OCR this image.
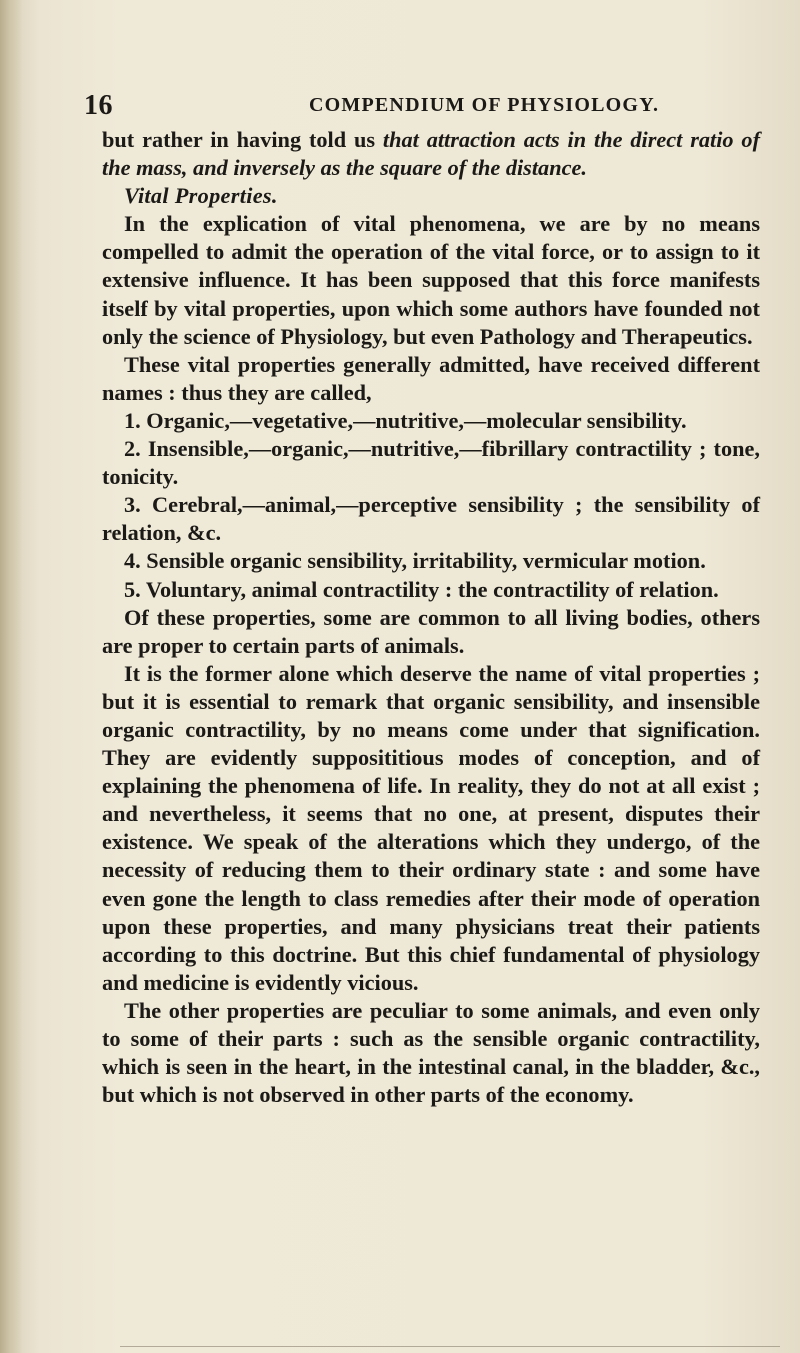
16	COMPENDIUM OF PHYSIOLOGY.

but rather in having told us that attraction acts in the direct ratio of the mass, and inversely as the square of the distance.

Vital Properties.

In the explication of vital phenomena, we are by no means compelled to admit the operation of the vital force, or to assign to it extensive influence. It has been supposed that this force manifests itself by vital properties, upon which some authors have founded not only the science of Physiology, but even Pathology and Therapeutics.

These vital properties generally admitted, have received different names : thus they are called,

1. Organic,—vegetative,—nutritive,—molecular sensibility.

2. Insensible,—organic,—nutritive,—fibrillary contractility ; tone, tonicity.

3. Cerebral,—animal,—perceptive sensibility ; the sensibility of relation, &c.

4. Sensible organic sensibility, irritability, vermicular motion.

5. Voluntary, animal contractility : the contractility of relation.

Of these properties, some are common to all living bodies, others are proper to certain parts of animals.

It is the former alone which deserve the name of vital properties ; but it is essential to remark that organic sensibility, and insensible organic contractility, by no means come under that signification. They are evidently supposititious modes of conception, and of explaining the phenomena of life. In reality, they do not at all exist ; and nevertheless, it seems that no one, at present, disputes their existence. We speak of the alterations which they undergo, of the necessity of reducing them to their ordinary state : and some have even gone the length to class remedies after their mode of operation upon these properties, and many physicians treat their patients according to this doctrine. But this chief fundamental of physiology and medicine is evidently vicious.

The other properties are peculiar to some animals, and even only to some of their parts : such as the sensible organic contractility, which is seen in the heart, in the intestinal canal, in the bladder, &c., but which is not observed in other parts of the economy.
